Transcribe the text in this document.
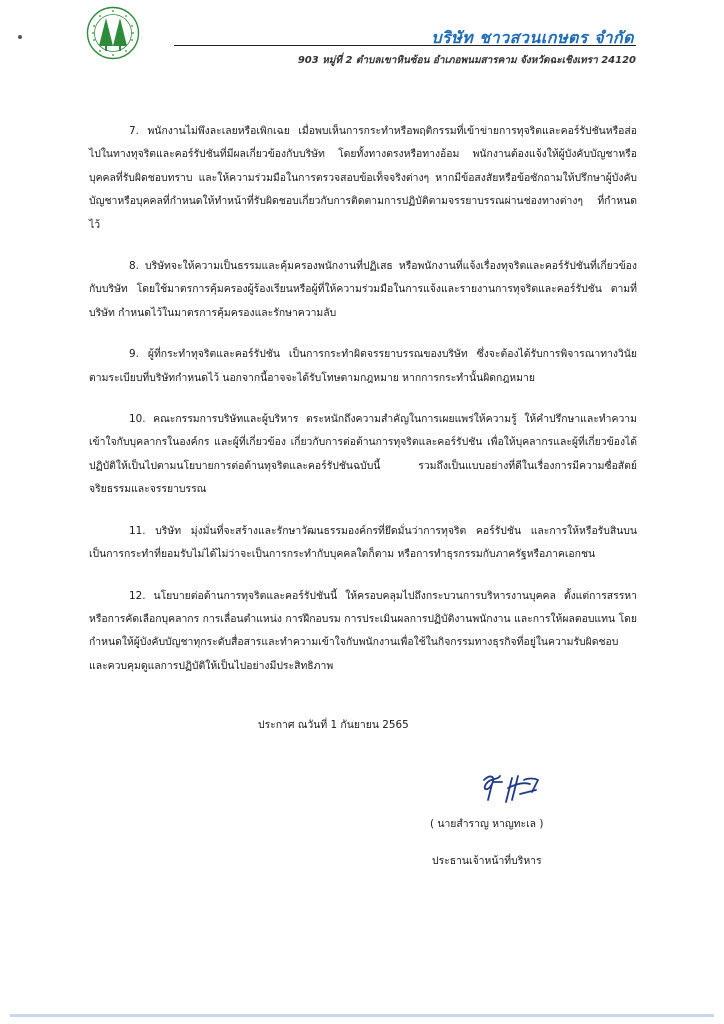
บริษัท ชาวสวนเกษตร จำกัด
903 หมู่ที่ 2 ตำบลเขาหินซ้อน อำเภอพนมสารคาม จังหวัดฉะเชิงเทรา 24120

7. พนักงานไม่พึงละเลยหรือเพิกเฉย เมื่อพบเห็นการกระทำหรือพฤติกรรมที่เข้าข่ายการทุจริตและคอร์รัปชันหรือส่อไปในทางทุจริตและคอร์รัปชันที่มีผลเกี่ยวข้องกับบริษัท โดยทั้งทางตรงหรือทางอ้อม พนักงานต้องแจ้งให้ผู้บังคับบัญชาหรือบุคคลที่รับผิดชอบทราบ และให้ความร่วมมือในการตรวจสอบข้อเท็จจริงต่างๆ หากมีข้อสงสัยหรือข้อซักถามให้ปรึกษาผู้บังคับบัญชาหรือบุคคลที่กำหนดให้ทำหน้าที่รับผิดชอบเกี่ยวกับการติดตามการปฏิบัติตามจรรยาบรรณผ่านช่องทางต่างๆ ที่กำหนดไว้

8. บริษัทจะให้ความเป็นธรรมและคุ้มครองพนักงานที่ปฏิเสธ หรือพนักงานที่แจ้งเรื่องทุจริตและคอร์รัปชันที่เกี่ยวข้องกับบริษัท โดยใช้มาตรการคุ้มครองผู้ร้องเรียนหรือผู้ที่ให้ความร่วมมือในการแจ้งและรายงานการทุจริตและคอร์รัปชัน ตามที่บริษัท กำหนดไว้ในมาตรการคุ้มครองและรักษาความลับ

9. ผู้ที่กระทำทุจริตและคอร์รัปชัน เป็นการกระทำผิดจรรยาบรรณของบริษัท ซึ่งจะต้องได้รับการพิจารณาทางวินัยตามระเบียบที่บริษัทกำหนดไว้ นอกจากนี้อาจจะได้รับโทษตามกฎหมาย หากการกระทำนั้นผิดกฎหมาย

10. คณะกรรมการบริษัทและผู้บริหาร ตระหนักถึงความสำคัญในการเผยแพร่ให้ความรู้ ให้คำปรึกษาและทำความเข้าใจกับบุคลากรในองค์กร และผู้ที่เกี่ยวข้อง เกี่ยวกับการต่อต้านการทุจริตและคอร์รัปชัน เพื่อให้บุคลากรและผู้ที่เกี่ยวข้องได้ปฏิบัติให้เป็นไปตามนโยบายการต่อต้านทุจริตและคอร์รัปชันฉบับนี้ รวมถึงเป็นแบบอย่างที่ดีในเรื่องการมีความซื่อสัตย์ จริยธรรมและจรรยาบรรณ

11. บริษัท มุ่งมั่นที่จะสร้างและรักษาวัฒนธรรมองค์กรที่ยึดมั่นว่าการทุจริต คอร์รัปชัน และการให้หรือรับสินบนเป็นการกระทำที่ยอมรับไม่ได้ไม่ว่าจะเป็นการกระทำกับบุคคลใดก็ตาม หรือการทำธุรกรรมกับภาครัฐหรือภาคเอกชน

12. นโยบายต่อต้านการทุจริตและคอร์รัปชันนี้ ให้ครอบคลุมไปถึงกระบวนการบริหารงานบุคคล ตั้งแต่การสรรหาหรือการคัดเลือกบุคลากร การเลื่อนตำแหน่ง การฝึกอบรม การประเมินผลการปฏิบัติงานพนักงาน และการให้ผลตอบแทน โดยกำหนดให้ผู้บังคับบัญชาทุกระดับสื่อสารและทำความเข้าใจกับพนักงานเพื่อใช้ในกิจกรรมทางธุรกิจที่อยู่ในความรับผิดชอบและควบคุมดูแลการปฏิบัติให้เป็นไปอย่างมีประสิทธิภาพ

ประกาศ ณวันที่ 1 กันยายน 2565
( นายสำราญ หาญทะเล )
ประธานเจ้าหน้าที่บริหาร
